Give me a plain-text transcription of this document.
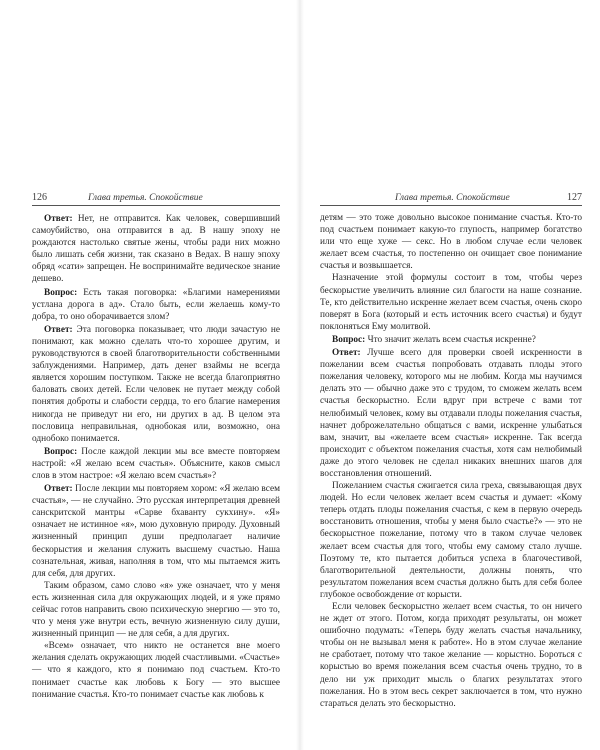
126	Глава третья. Спокойствие

Ответ: Нет, не отправится. Как человек, совершивший самоубийство, она отправится в ад. В нашу эпоху не рождаются настолько святые жены, чтобы ради них можно было лишать себя жизни, так сказано в Ведах. В нашу эпоху обряд «сати» запрещен. Не воспринимайте ведическое знание дешево.

Вопрос: Есть такая поговорка: «Благими намерениями устлана дорога в ад». Стало быть, если желаешь кому-то добра, то оно оборачивается злом?

Ответ: Эта поговорка показывает, что люди зачастую не понимают, как можно сделать что-то хорошее другим, и руководствуются в своей благотворительности собственными заблуждениями. Например, дать денег взаймы не всегда является хорошим поступком. Также не всегда благоприятно баловать своих детей. Если человек не путает между собой понятия доброты и слабости сердца, то его благие намерения никогда не приведут ни его, ни других в ад. В целом эта пословица неправильная, однобокая или, возможно, она однобоко понимается.

Вопрос: После каждой лекции мы все вместе повторяем настрой: «Я желаю всем счастья». Объясните, каков смысл слов в этом настрое: «Я желаю всем счастья»?

Ответ: После лекции мы повторяем хором: «Я желаю всем счастья», — не случайно. Это русская интерпретация древней санскритской мантры «Сарве бхаванту сукхину». «Я» означает не истинное «я», мою духовную природу. Духовный жизненный принцип души предполагает наличие бескорыстия и желания служить высшему счастью. Наша сознательная, живая, наполняя в том, что мы пытаемся жить для себя, для других.

Таким образом, само слово «я» уже означает, что у меня есть жизненная сила для окружающих людей, и я уже прямо сейчас готов направить свою психическую энергию — это то, что у меня уже внутри есть, вечную жизненную силу души, жизненный принцип — не для себя, а для других.

«Всем» означает, что никто не останется вне моего желания сделать окружающих людей счастливыми. «Счастье» — что я каждого, кто я понимаю под счастьем. Кто-то понимает счастье как любовь к Богу — это высшее понимание счастья. Кто-то понимает счастье как любовь к

Глава третья. Спокойствие	127

детям — это тоже довольно высокое понимание счастья. Кто-то под счастьем понимает какую-то глупость, например богатство или что еще хуже — секс. Но в любом случае если человек желает всем счастья, то постепенно он очищает свое понимание счастья и возвышается.

Назначение этой формулы состоит в том, чтобы через бескорыстие увеличить влияние сил благости на наше сознание. Те, кто действительно искренне желает всем счастья, очень скоро поверят в Бога (который и есть источник всего счастья) и будут поклоняться Ему молитвой.

Вопрос: Что значит желать всем счастья искренне?

Ответ: Лучше всего для проверки своей искренности в пожелании всем счастья попробовать отдавать плоды этого пожелания человеку, которого мы не любим. Когда мы научимся делать это — обычно даже это с трудом, то сможем желать всем счастья бескорыстно. Если вдруг при встрече с вами тот нелюбимый человек, кому вы отдавали плоды пожелания счастья, начнет доброжелательно общаться с вами, искренне улыбаться вам, значит, вы «желаете всем счастья» искренне. Так всегда происходит с объектом пожелания счастья, хотя сам нелюбимый даже до этого человек не сделал никаких внешних шагов для восстановления отношений.

Пожеланием счастья сжигается сила греха, связывающая двух людей. Но если человек желает всем счастья и думает: «Кому теперь отдать плоды пожелания счастья, с кем в первую очередь восстановить отношения, чтобы у меня было счастье?» — это не бескорыстное пожелание, потому что в таком случае человек желает всем счастья для того, чтобы ему самому стало лучше. Поэтому те, кто пытается добиться успеха в благочестивой, благотворительной деятельности, должны понять, что результатом пожелания всем счастья должно быть для себя более глубокое освобождение от корысти.

Если человек бескорыстно желает всем счастья, то он ничего не ждет от этого. Потом, когда приходят результаты, он может ошибочно подумать: «Теперь буду желать счастья начальнику, чтобы он не вызывал меня к работе». Но в этом случае желание не сработает, потому что такое желание — корыстно. Бороться с корыстью во время пожелания всем счастья очень трудно, то в дело ни уж приходит мысль о благих результатах этого пожелания. Но в этом весь секрет заключается в том, что нужно стараться делать это бескорыстно.
